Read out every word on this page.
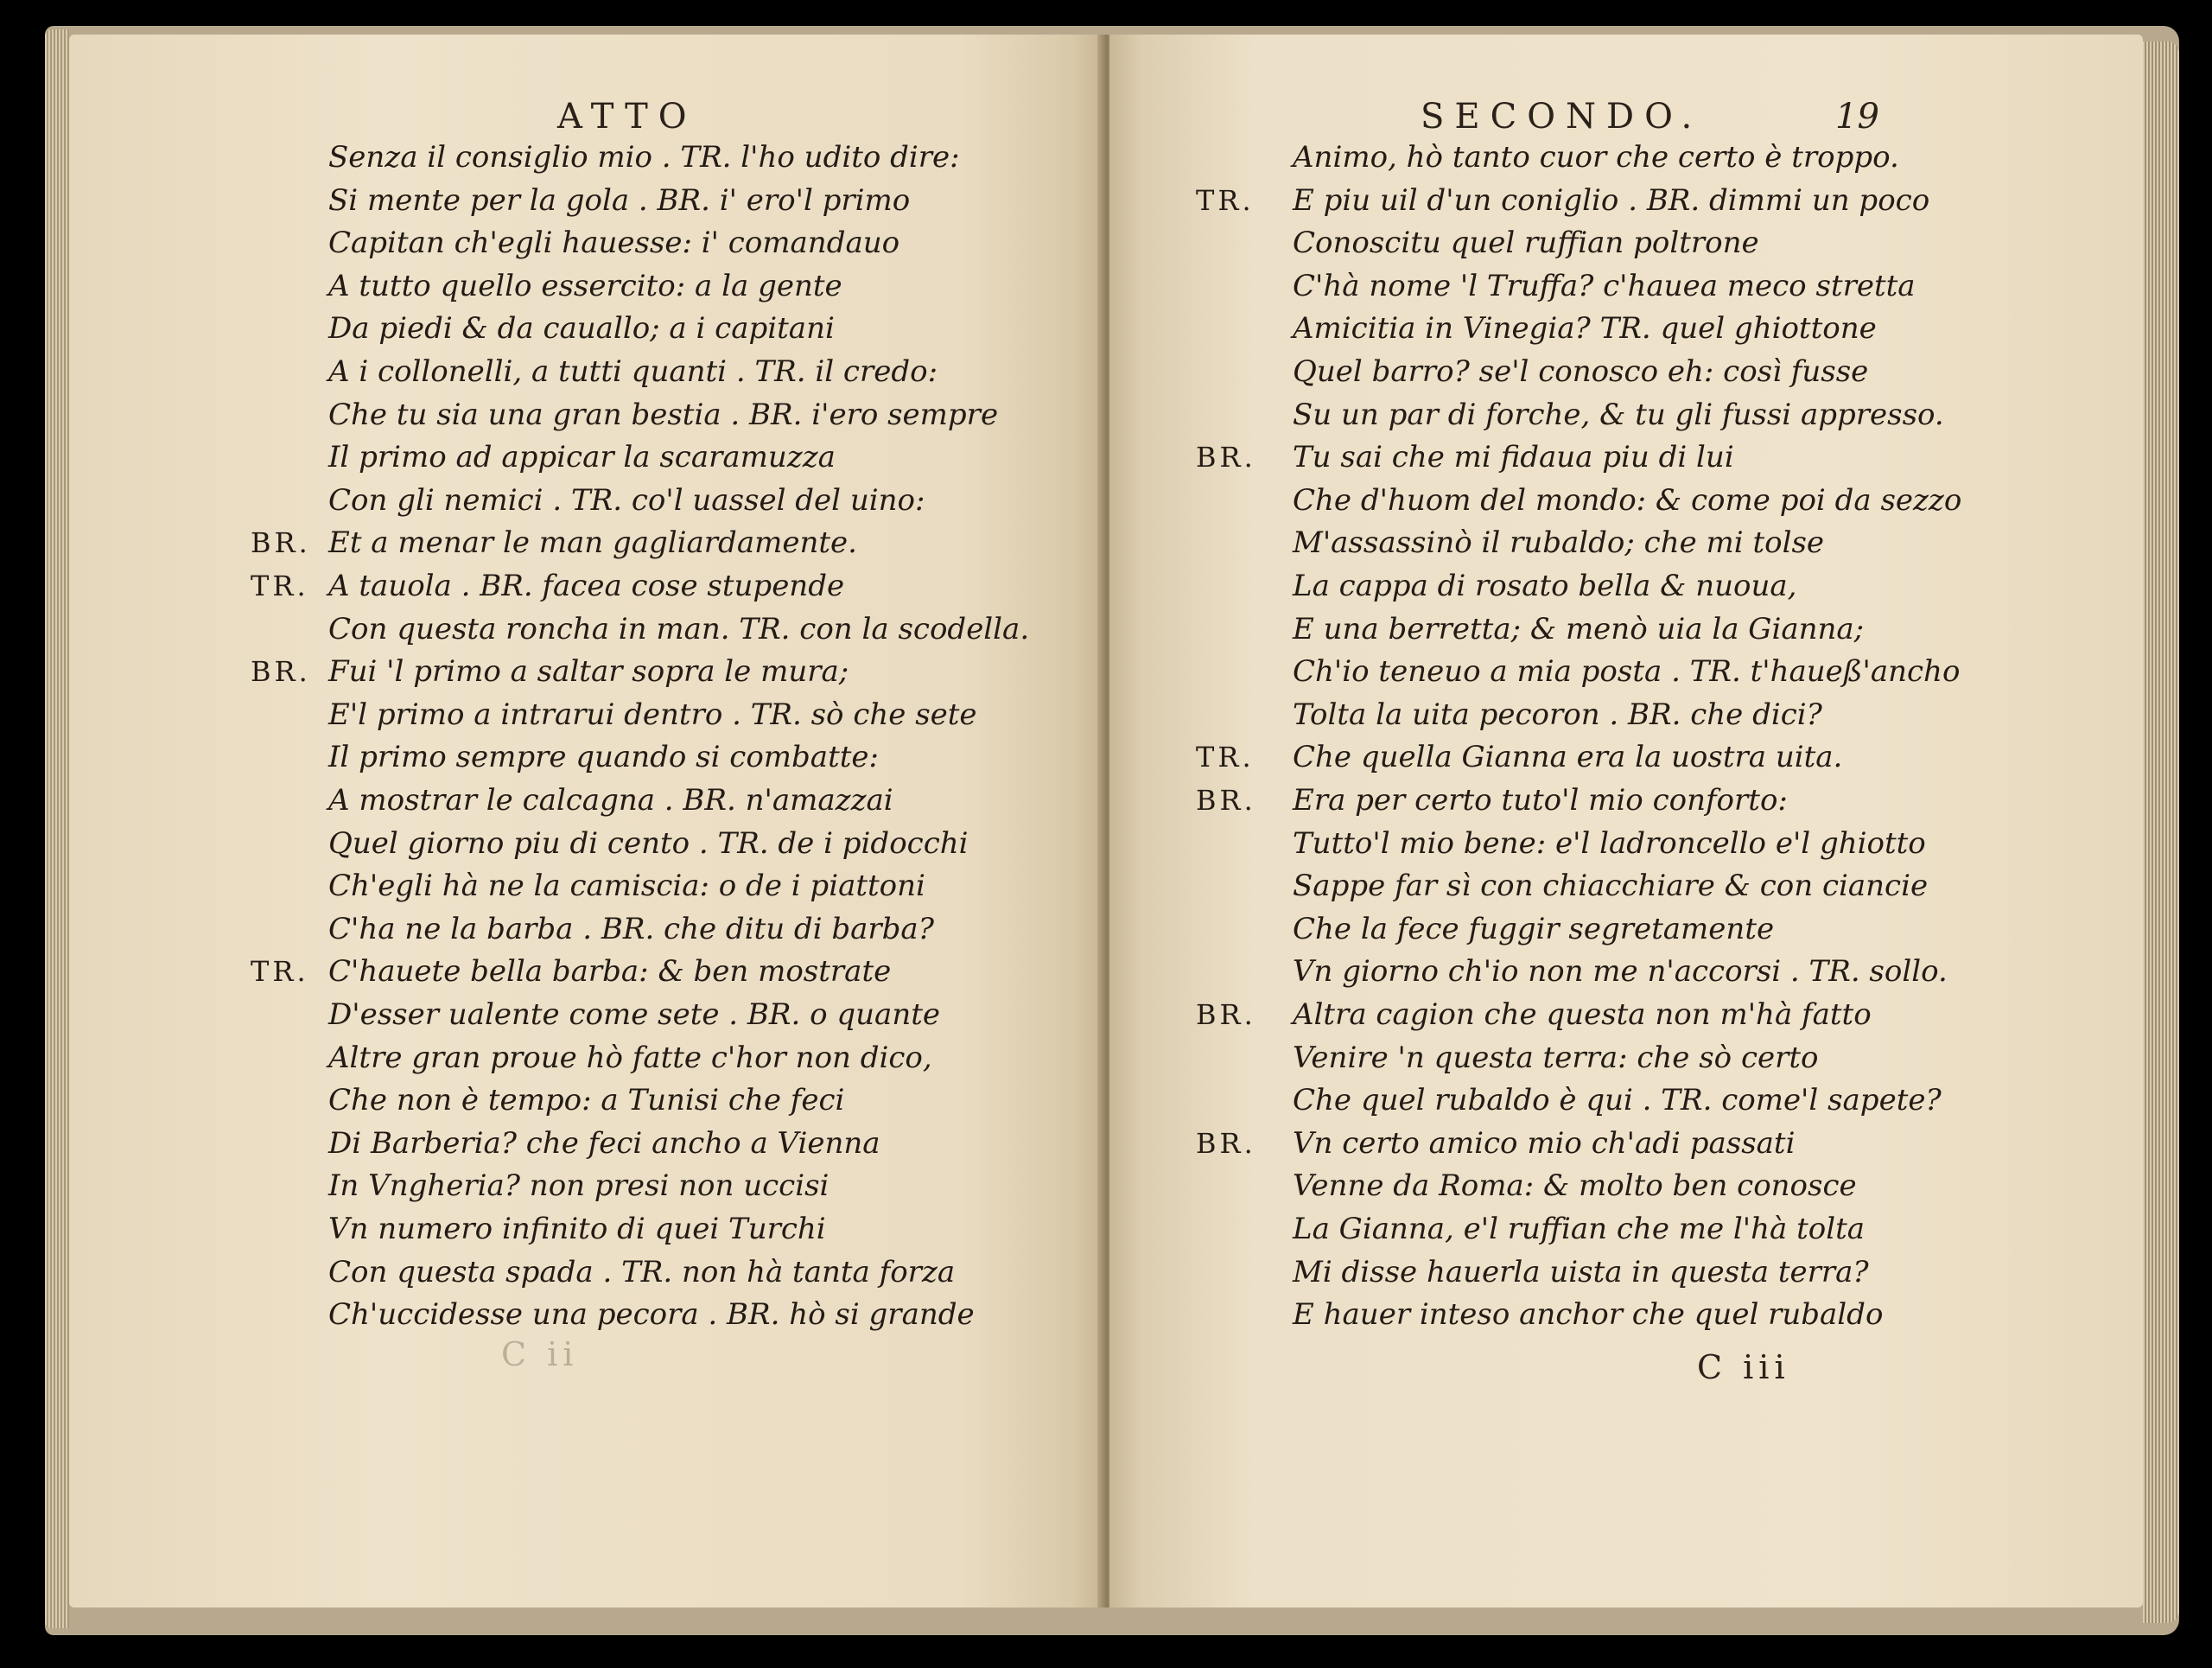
ATTO
C ii
Senza il consiglio mio . TR. l'ho udito dire:
Si mente per la gola . BR. i' ero'l primo
Capitan ch'egli hauesse: i' comandauo
A tutto quello essercito: a la gente
Da piedi & da cauallo; a i capitani
A i collonelli, a tutti quanti . TR. il credo:
Che tu sia una gran bestia . BR. i'ero sempre
Il primo ad appicar la scaramuzza
Con gli nemici . TR. co'l uassel del uino:
BR. Et a menar le man gagliardamente.
TR. A tauola . BR. facea cose stupende
Con questa roncha in man. TR. con la scodella.
BR. Fui 'l primo a saltar sopra le mura;
E'l primo a intrarui dentro . TR. sò che sete
Il primo sempre quando si combatte:
A mostrar le calcagna . BR. n'amazzai
Quel giorno piu di cento . TR. de i pidocchi
Ch'egli hà ne la camiscia: o de i piattoni
C'ha ne la barba . BR. che ditu di barba?
TR. C'hauete bella barba: & ben mostrate
D'esser ualente come sete . BR. o quante
Altre gran proue hò fatte c'hor non dico,
Che non è tempo: a Tunisi che feci
Di Barberia? che feci ancho a Vienna
In Vngheria? non presi non uccisi
Vn numero infinito di quei Turchi
Con questa spada . TR. non hà tanta forza
Ch'uccidesse una pecora . BR. hò si grande
SECONDO.	19
C iii
Animo, hò tanto cuor che certo è troppo.
TR. E piu uil d'un coniglio . BR. dimmi un poco
Conoscitu quel ruffian poltrone
C'hà nome 'l Truffa? c'hauea meco stretta
Amicitia in Vinegia? TR. quel ghiottone
Quel barro? se'l conosco eh: così fusse
Su un par di forche, & tu gli fussi appresso.
BR. Tu sai che mi fidaua piu di lui
Che d'huom del mondo: & come poi da sezzo
M'assassinò il rubaldo; che mi tolse
La cappa di rosato bella & nuoua,
E una berretta; & menò uia la Gianna;
Ch'io teneuo a mia posta . TR. t'haueß'ancho
Tolta la uita pecoron . BR. che dici?
TR. Che quella Gianna era la uostra uita.
BR. Era per certo tuto'l mio conforto:
Tutto'l mio bene: e'l ladroncello e'l ghiotto
Sappe far sì con chiacchiare & con ciancie
Che la fece fuggir segretamente
Vn giorno ch'io non me n'accorsi . TR. sollo.
BR. Altra cagion che questa non m'hà fatto
Venire 'n questa terra: che sò certo
Che quel rubaldo è qui . TR. come'l sapete?
BR. Vn certo amico mio ch'adi passati
Venne da Roma: & molto ben conosce
La Gianna, e'l ruffian che me l'hà tolta
Mi disse hauerla uista in questa terra?
E hauer inteso anchor che quel rubaldo
